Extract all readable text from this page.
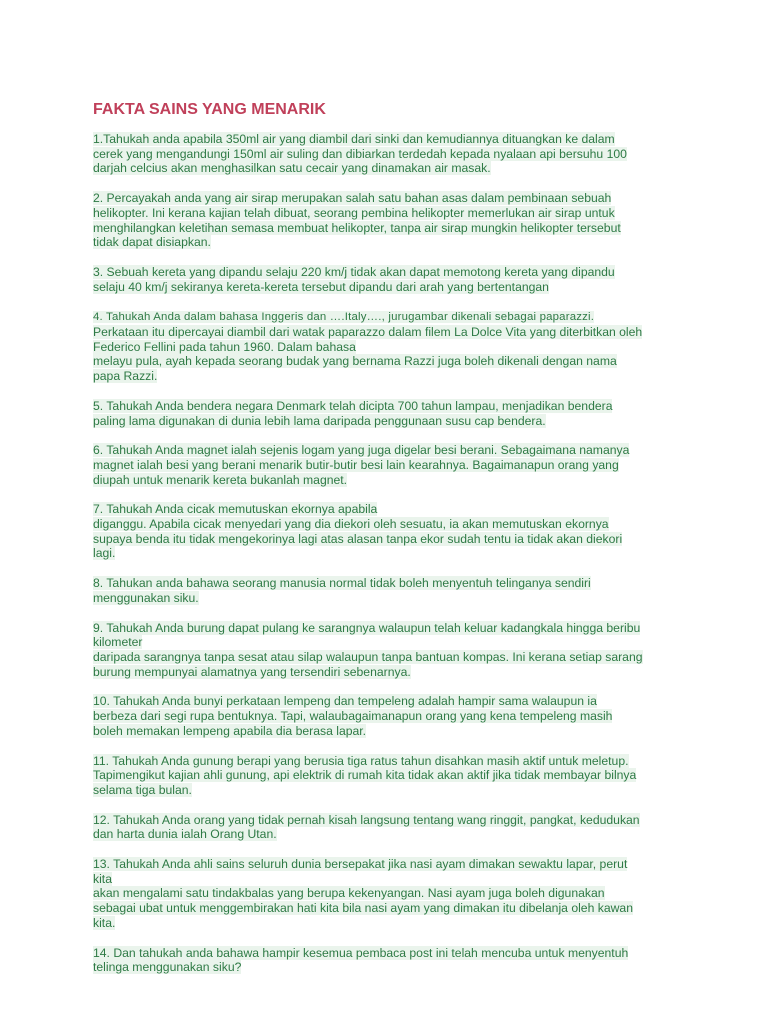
FAKTA SAINS YANG MENARIK
1.Tahukah anda apabila 350ml air yang diambil dari sinki dan kemudiannya dituangkan ke dalam
cerek yang mengandungi 150ml air suling dan dibiarkan terdedah kepada nyalaan api bersuhu 100
darjah celcius akan menghasilkan satu cecair yang dinamakan air masak.
2. Percayakah anda yang air sirap merupakan salah satu bahan asas dalam pembinaan sebuah
helikopter. Ini kerana kajian telah dibuat, seorang pembina helikopter memerlukan air sirap untuk
menghilangkan keletihan semasa membuat helikopter, tanpa air sirap mungkin helikopter tersebut
tidak dapat disiapkan.
3. Sebuah kereta yang dipandu selaju 220 km/j tidak akan dapat memotong kereta yang dipandu
selaju 40 km/j sekiranya kereta-kereta tersebut dipandu dari arah yang bertentangan
4. Tahukah Anda dalam bahasa Inggeris dan ….Italy…., jurugambar dikenali sebagai paparazzi.
Perkataan itu dipercayai diambil dari watak paparazzo dalam filem La Dolce Vita yang diterbitkan oleh
Federico Fellini pada tahun 1960. Dalam bahasa
melayu pula, ayah kepada seorang budak yang bernama Razzi juga boleh dikenali dengan nama
papa Razzi.
5. Tahukah Anda bendera negara Denmark telah dicipta 700 tahun lampau, menjadikan bendera
paling lama digunakan di dunia lebih lama daripada penggunaan susu cap bendera.
6. Tahukah Anda magnet ialah sejenis logam yang juga digelar besi berani. Sebagaimana namanya
magnet ialah besi yang berani menarik butir-butir besi lain kearahnya. Bagaimanapun orang yang
diupah untuk menarik kereta bukanlah magnet.
7. Tahukah Anda cicak memutuskan ekornya apabila
diganggu. Apabila cicak menyedari yang dia diekori oleh sesuatu, ia akan memutuskan ekornya
supaya benda itu tidak mengekorinya lagi atas alasan tanpa ekor sudah tentu ia tidak akan diekori
lagi.
8. Tahukan anda bahawa seorang manusia normal tidak boleh menyentuh telinganya sendiri
menggunakan siku.
9. Tahukah Anda burung dapat pulang ke sarangnya walaupun telah keluar kadangkala hingga beribu
kilometer
daripada sarangnya tanpa sesat atau silap walaupun tanpa bantuan kompas. Ini kerana setiap sarang
burung mempunyai alamatnya yang tersendiri sebenarnya.
10. Tahukah Anda bunyi perkataan lempeng dan tempeleng adalah hampir sama walaupun ia
berbeza dari segi rupa bentuknya. Tapi, walaubagaimanapun orang yang kena tempeleng masih
boleh memakan lempeng apabila dia berasa lapar.
11. Tahukah Anda gunung berapi yang berusia tiga ratus tahun disahkan masih aktif untuk meletup.
Tapimengikut kajian ahli gunung, api elektrik di rumah kita tidak akan aktif jika tidak membayar bilnya
selama tiga bulan.
12. Tahukah Anda orang yang tidak pernah kisah langsung tentang wang ringgit, pangkat, kedudukan
dan harta dunia ialah Orang Utan.
13. Tahukah Anda ahli sains seluruh dunia bersepakat jika nasi ayam dimakan sewaktu lapar, perut
kita
akan mengalami satu tindakbalas yang berupa kekenyangan. Nasi ayam juga boleh digunakan
sebagai ubat untuk menggembirakan hati kita bila nasi ayam yang dimakan itu dibelanja oleh kawan
kita.
14. Dan tahukah anda bahawa hampir kesemua pembaca post ini telah mencuba untuk menyentuh
telinga menggunakan siku?
